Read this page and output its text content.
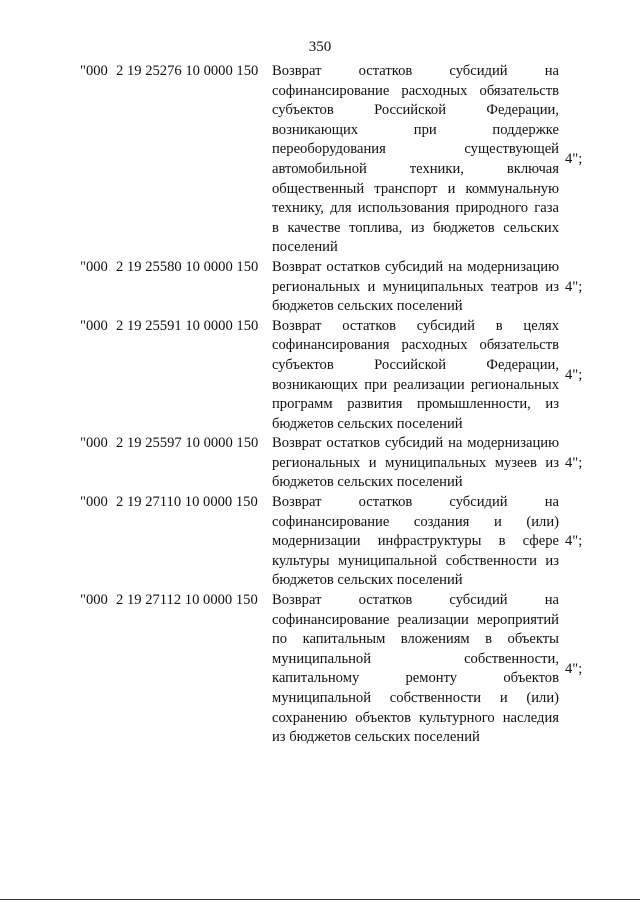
350
"000 2 19 25276 10 0000 150 Возврат остатков субсидий на софинансирование расходных обязательств субъектов Российской Федерации, возникающих при поддержке переоборудования существующей автомобильной техники, включая общественный транспорт и коммунальную технику, для использования природного газа в качестве топлива, из бюджетов сельских поселений
4";
"000 2 19 25580 10 0000 150 Возврат остатков субсидий на модернизацию региональных и муниципальных театров из бюджетов сельских поселений
4";
"000 2 19 25591 10 0000 150 Возврат остатков субсидий в целях софинансирования расходных обязательств субъектов Российской Федерации, возникающих при реализации региональных программ развития промышленности, из бюджетов сельских поселений
4";
"000 2 19 25597 10 0000 150 Возврат остатков субсидий на модернизацию региональных и муниципальных музеев из бюджетов сельских поселений
4";
"000 2 19 27110 10 0000 150 Возврат остатков субсидий на софинансирование создания и (или) модернизации инфраструктуры в сфере культуры муниципальной собственности из бюджетов сельских поселений
4";
"000 2 19 27112 10 0000 150 Возврат остатков субсидий на софинансирование реализации мероприятий по капитальным вложениям в объекты муниципальной собственности, капитальному ремонту объектов муниципальной собственности и (или) сохранению объектов культурного наследия из бюджетов сельских поселений
4";
